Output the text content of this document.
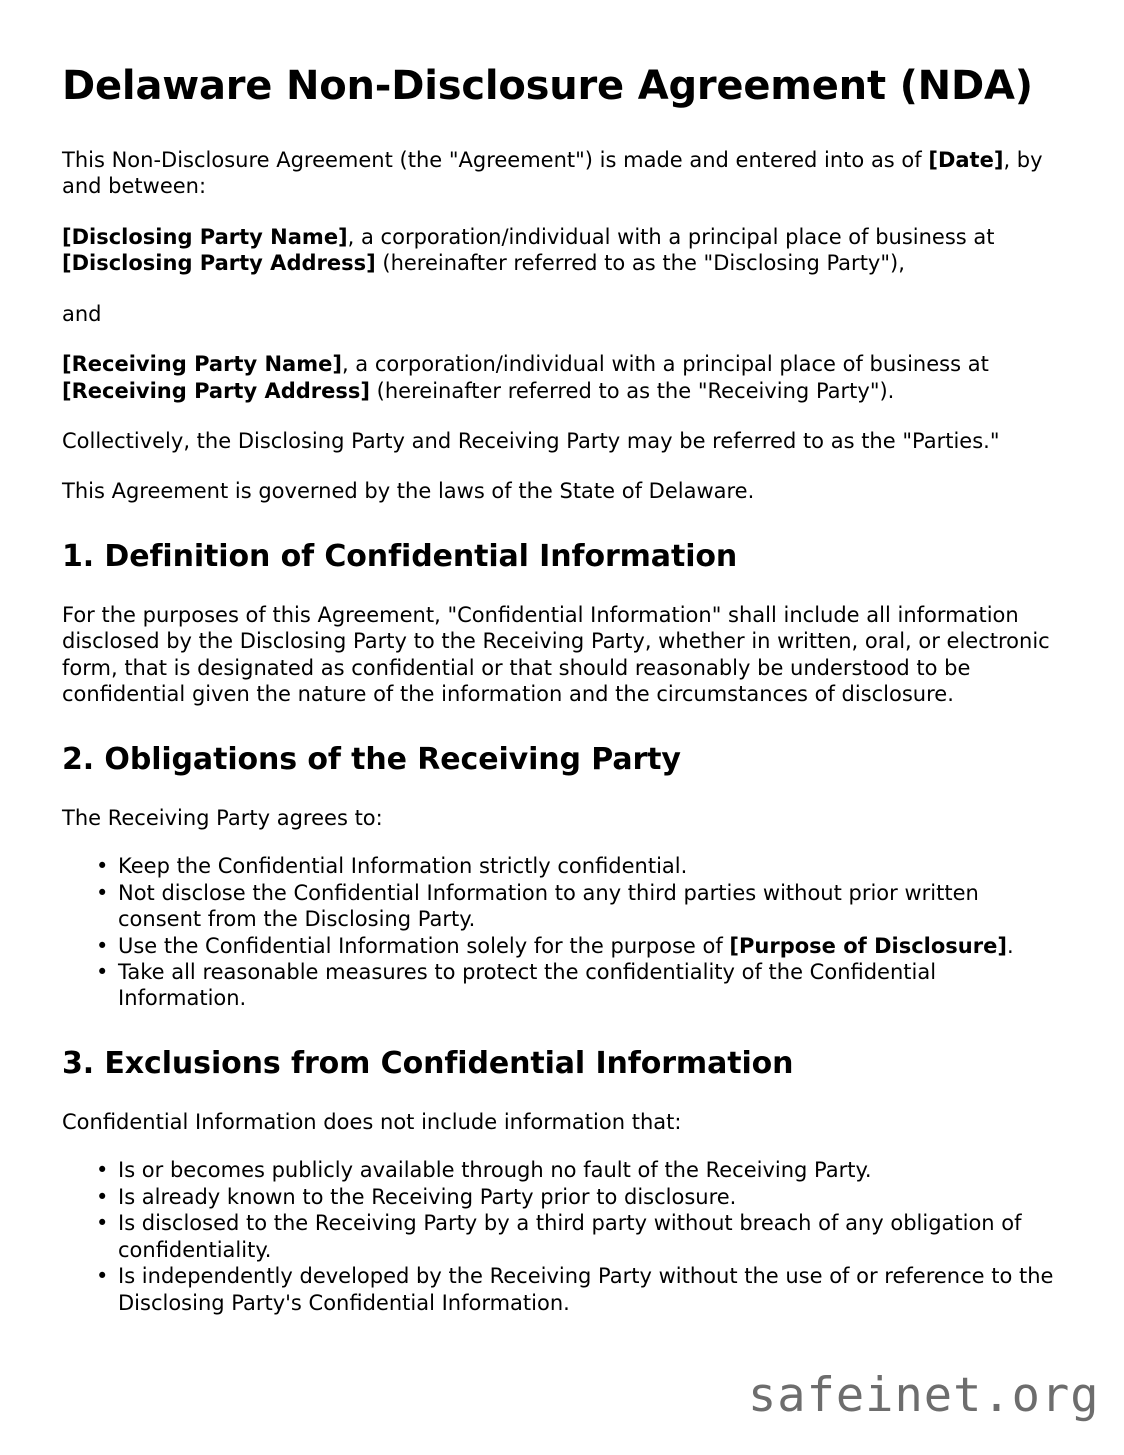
Delaware Non-Disclosure Agreement (NDA)

This Non-Disclosure Agreement (the "Agreement") is made and entered into as of [Date], by and between:

[Disclosing Party Name], a corporation/individual with a principal place of business at [Disclosing Party Address] (hereinafter referred to as the "Disclosing Party"),

and

[Receiving Party Name], a corporation/individual with a principal place of business at [Receiving Party Address] (hereinafter referred to as the "Receiving Party").

Collectively, the Disclosing Party and Receiving Party may be referred to as the "Parties."

This Agreement is governed by the laws of the State of Delaware.

1. Definition of Confidential Information

For the purposes of this Agreement, "Confidential Information" shall include all information disclosed by the Disclosing Party to the Receiving Party, whether in written, oral, or electronic form, that is designated as confidential or that should reasonably be understood to be confidential given the nature of the information and the circumstances of disclosure.

2. Obligations of the Receiving Party

The Receiving Party agrees to:

• Keep the Confidential Information strictly confidential.
• Not disclose the Confidential Information to any third parties without prior written consent from the Disclosing Party.
• Use the Confidential Information solely for the purpose of [Purpose of Disclosure].
• Take all reasonable measures to protect the confidentiality of the Confidential Information.
3. Exclusions from Confidential Information

Confidential Information does not include information that:

• Is or becomes publicly available through no fault of the Receiving Party.
• Is already known to the Receiving Party prior to disclosure.
• Is disclosed to the Receiving Party by a third party without breach of any obligation of confidentiality.
• Is independently developed by the Receiving Party without the use of or reference to the Disclosing Party's Confidential Information.
safeinet.org
